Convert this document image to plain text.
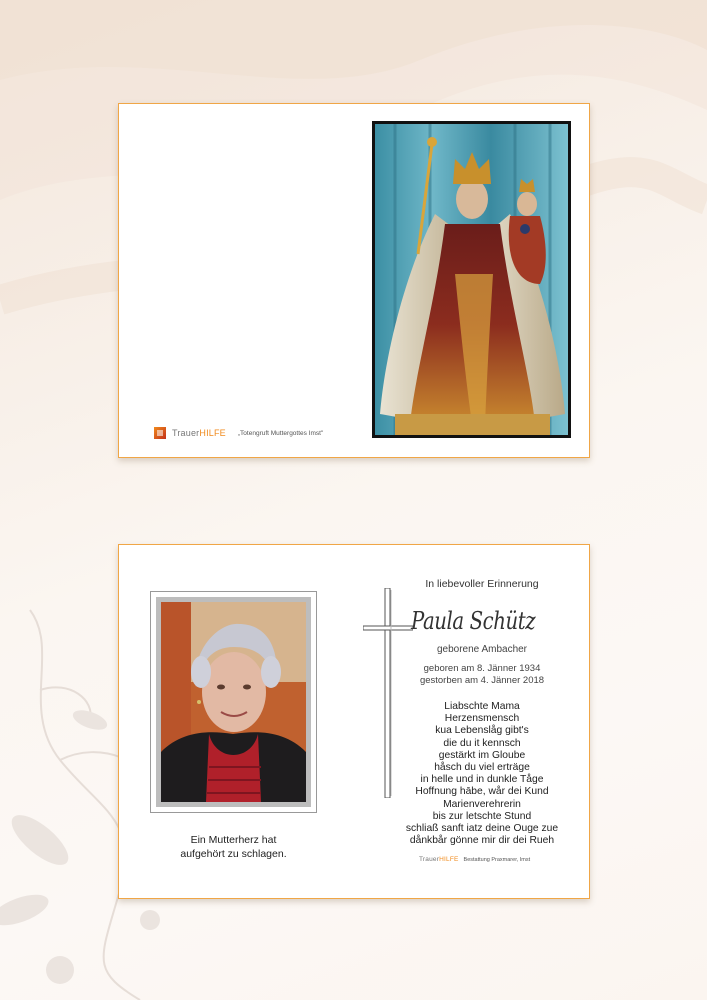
Trauer HILFE „Totengruft Muttergottes Imst"
Ein Mutterherz hat
aufgehört zu schlagen.
In liebevoller Erinnerung
Paula Schütz
geborene Ambacher
geboren am 8. Jänner 1934
gestorben am 4. Jänner 2018
Liabschte Mama
Herzensmensch
kua Lebenslåg gibt's
die du it kennsch
gestärkt im Gloube
håsch du viel erträge
in helle und in dunkle Tåge
Hoffnung hābe, wår dei Kund
Marienverehrerin
bis zur letschte Stund
schliaß sanft iatz deine Ouge zue
dånkbår gönne mir dir dei Rueh
Trauer HILFE Bestattung Praxmarer, Imst
